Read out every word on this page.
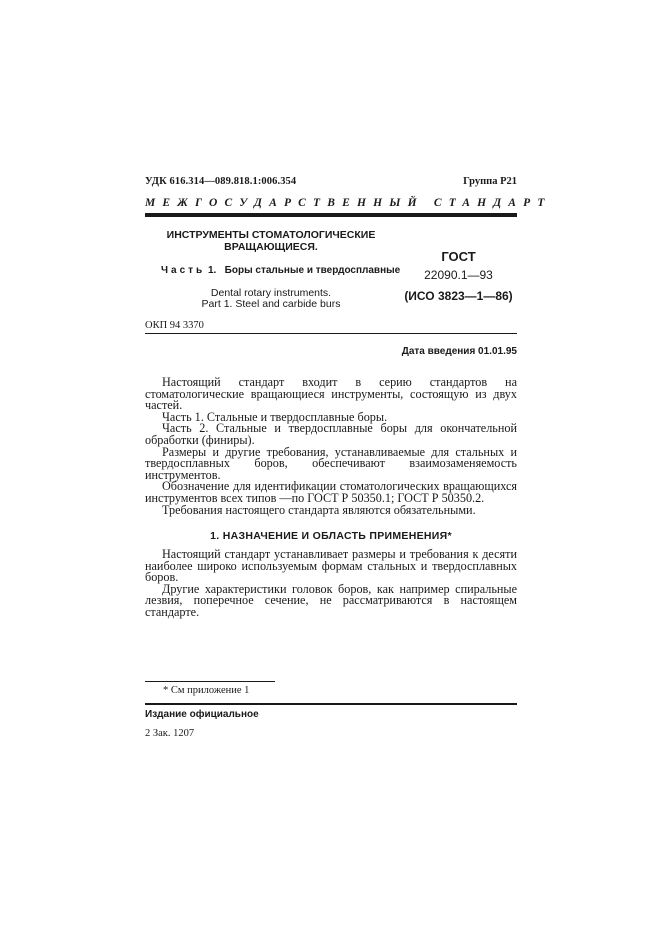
УДК 616.314—089.818.1:006.354	Группа Р21
МЕЖГОСУДАРСТВЕННЫЙ СТАНДАРТ
ИНСТРУМЕНТЫ СТОМАТОЛОГИЧЕСКИЕ
ВРАЩАЮЩИЕСЯ.
Часть 1. Боры стальные и твердосплавные
Dental rotary instruments.
Part 1. Steel and carbide burs
ГОСТ
22090.1—93
(ИСО 3823—1—86)
ОКП 94 3370
Дата введения 01.01.95

Настоящий стандарт входит в серию стандартов на стоматологические вращающиеся инструменты, состоящую из двух частей.

Часть 1. Стальные и твердосплавные боры.

Часть 2. Стальные и твердосплавные боры для окончательной обработки (финиры).

Размеры и другие требования, устанавливаемые для стальных и твердосплавных боров, обеспечивают взаимозаменяемость инструментов.

Обозначение для идентификации стоматологических вращающихся инструментов всех типов —по ГОСТ Р 50350.1; ГОСТ Р 50350.2.

Требования настоящего стандарта являются обязательными.

1. НАЗНАЧЕНИЕ И ОБЛАСТЬ ПРИМЕНЕНИЯ*

Настоящий стандарт устанавливает размеры и требования к десяти наиболее широко используемым формам стальных и твердосплавных боров.

Другие характеристики головок боров, как например спиральные лезвия, поперечное сечение, не рассматриваются в настоящем стандарте.

* См приложение 1
Издание официальное
2 Зак. 1207
